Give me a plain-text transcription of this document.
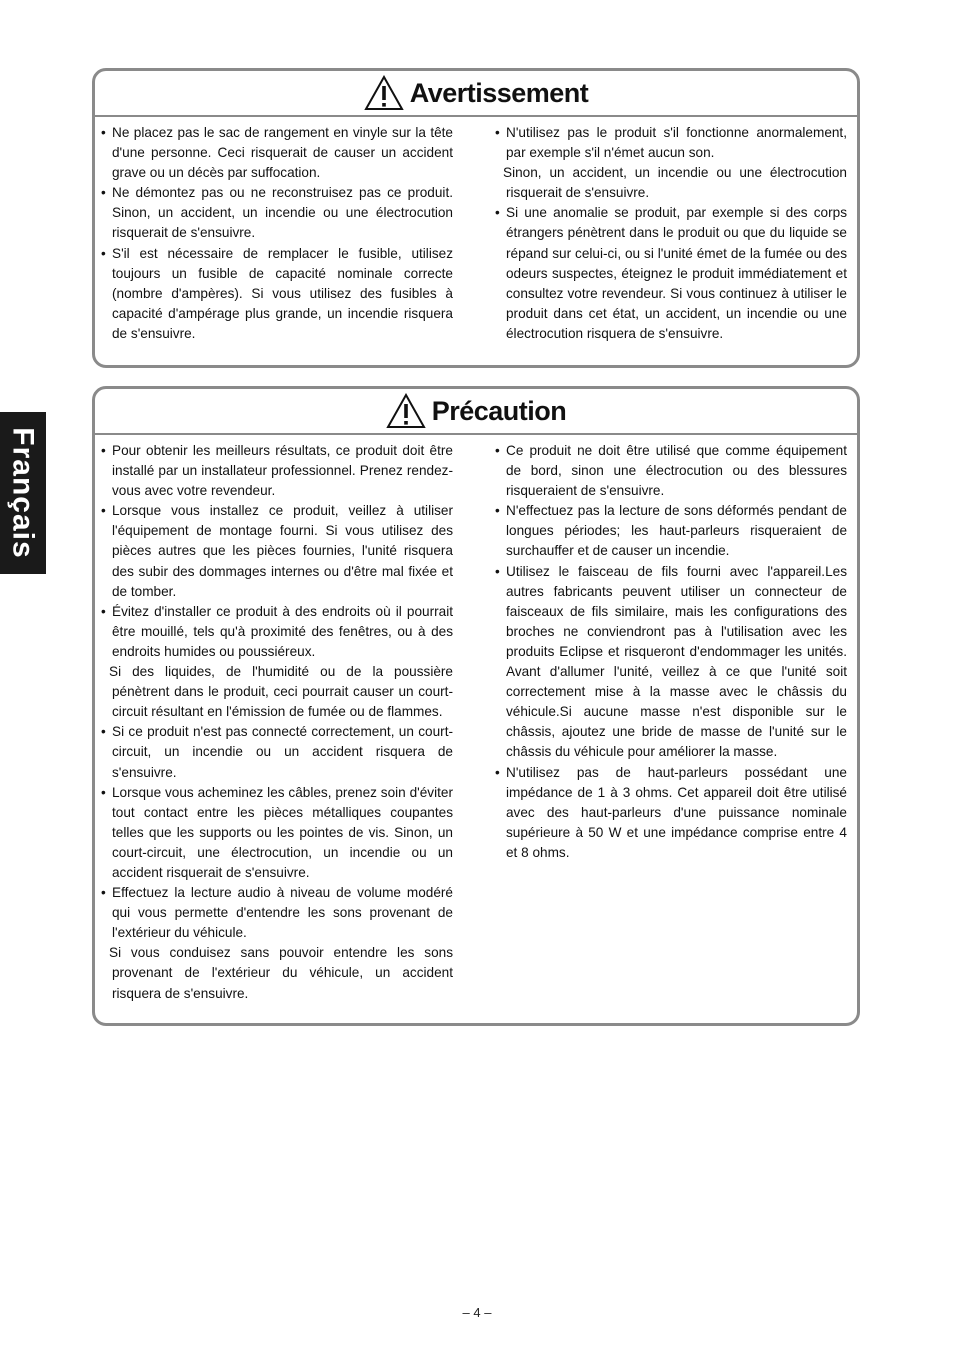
Français
Avertissement

• Ne placez pas le sac de rangement en vinyle sur la tête d'une personne. Ceci risquerait de causer un accident grave ou un décès par suffocation.

• Ne démontez pas ou ne reconstruisez pas ce produit. Sinon, un accident, un incendie ou une électrocution risquerait de s'ensuivre.

• S'il est nécessaire de remplacer le fusible, utilisez toujours un fusible de capacité nominale correcte (nombre d'ampères). Si vous utilisez des fusibles à capacité d'ampérage plus grande, un incendie risquera de s'ensuivre.

• N'utilisez pas le produit s'il fonctionne anormalement, par exemple s'il n'émet aucun son.

Sinon, un accident, un incendie ou une électrocution risquerait de s'ensuivre.

• Si une anomalie se produit, par exemple si des corps étrangers pénètrent dans le produit ou que du liquide se répand sur celui-ci, ou si l'unité émet de la fumée ou des odeurs suspectes, éteignez le produit immédiatement et consultez votre revendeur. Si vous continuez à utiliser le produit dans cet état, un accident, un incendie ou une électrocution risquera de s'ensuivre.

Précaution

• Pour obtenir les meilleurs résultats, ce produit doit être installé par un installateur professionnel. Prenez rendez-vous avec votre revendeur.

• Lorsque vous installez ce produit, veillez à utiliser l'équipement de montage fourni. Si vous utilisez des pièces autres que les pièces fournies, l'unité risquera des subir des dommages internes ou d'être mal fixée et de tomber.

• Évitez d'installer ce produit à des endroits où il pourrait être mouillé, tels qu'à proximité des fenêtres, ou à des endroits humides ou poussiéreux.

Si des liquides, de l'humidité ou de la poussière pénètrent dans le produit, ceci pourrait causer un court-circuit résultant en l'émission de fumée ou de flammes.

• Si ce produit n'est pas connecté correctement, un court-circuit, un incendie ou un accident risquera de s'ensuivre.

• Lorsque vous acheminez les câbles, prenez soin d'éviter tout contact entre les pièces métalliques coupantes telles que les supports ou les pointes de vis. Sinon, un court-circuit, une électrocution, un incendie ou un accident risquerait de s'ensuivre.

• Effectuez la lecture audio à niveau de volume modéré qui vous permette d'entendre les sons provenant de l'extérieur du véhicule.

Si vous conduisez sans pouvoir entendre les sons provenant de l'extérieur du véhicule, un accident risquera de s'ensuivre.

• Ce produit ne doit être utilisé que comme équipement de bord, sinon une électrocution ou des blessures risqueraient de s'ensuivre.

• N'effectuez pas la lecture de sons déformés pendant de longues périodes; les haut-parleurs risqueraient de surchauffer et de causer un incendie.

• Utilisez le faisceau de fils fourni avec l'appareil.Les autres fabricants peuvent utiliser un connecteur de faisceaux de fils similaire, mais les configurations des broches ne conviendront pas à l'utilisation avec les produits Eclipse et risqueront d'endommager les unités. Avant d'allumer l'unité, veillez à ce que l'unité soit correctement mise à la masse avec le châssis du véhicule.Si aucune masse n'est disponible sur le châssis, ajoutez une bride de masse de l'unité sur le châssis du véhicule pour améliorer la masse.

• N'utilisez pas de haut-parleurs possédant une impédance de 1 à 3 ohms. Cet appareil doit être utilisé avec des haut-parleurs d'une puissance nominale supérieure à 50 W et une impédance comprise entre 4 et 8 ohms.

– 4 –
